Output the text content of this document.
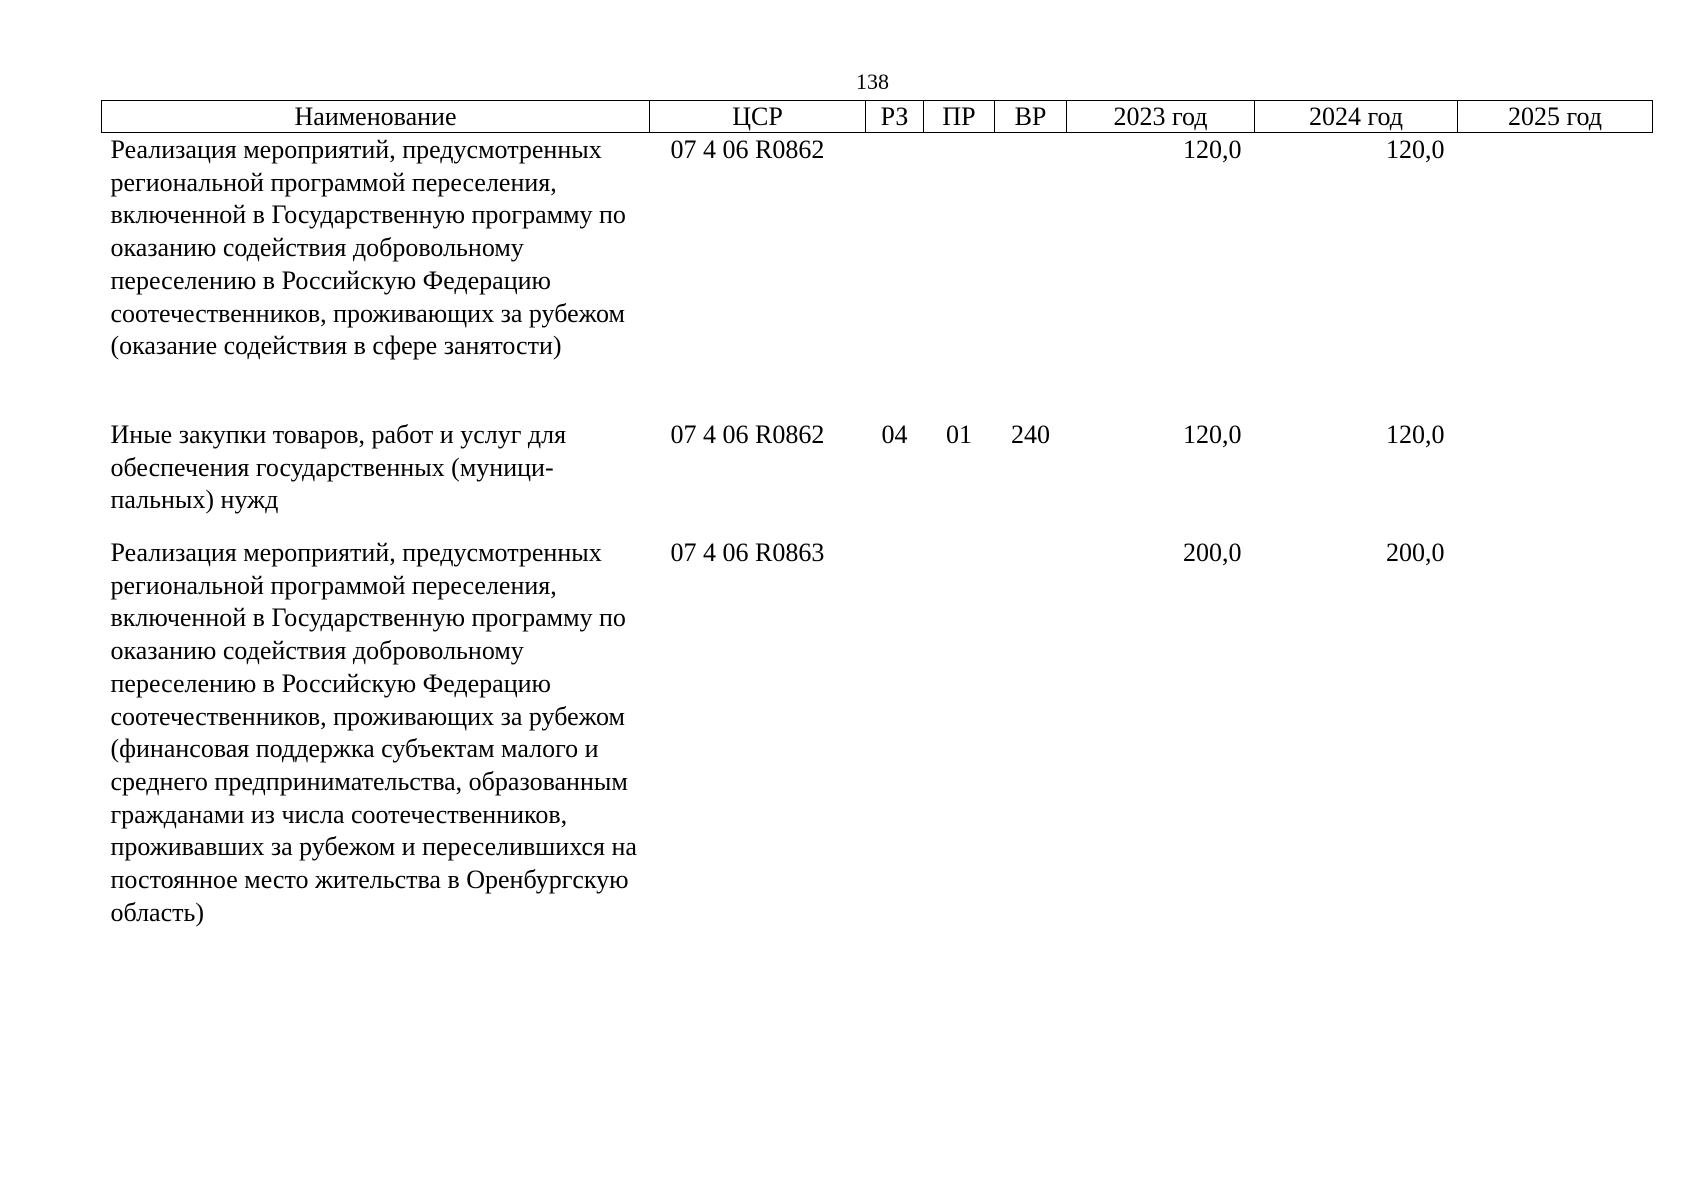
138
Наименование	ЦСР	РЗ	ПР	ВР	2023 год	2024 год	2025 год
Реализация мероприятий, предусмотренных региональной программой переселения, включенной в Государственную программу по оказанию содействия добровольному переселению в Российскую Федерацию соотечественников, проживающих за рубежом (оказание содействия в сфере занятости)	07 4 06 R0862				120,0	120,0	
Иные закупки товаров, работ и услуг для обеспечения государственных (муниципальных) нужд	07 4 06 R0862	04	01	240	120,0	120,0	
Реализация мероприятий, предусмотренных региональной программой переселения, включенной в Государственную программу по оказанию содействия добровольному переселению в Российскую Федерацию соотечественников, проживающих за рубежом (финансовая поддержка субъектам малого и среднего предпринимательства, образованным гражданами из числа соотечественников, проживавших за рубежом и переселившихся на постоянное место жительства в Оренбургскую область)	07 4 06 R0863				200,0	200,0	
